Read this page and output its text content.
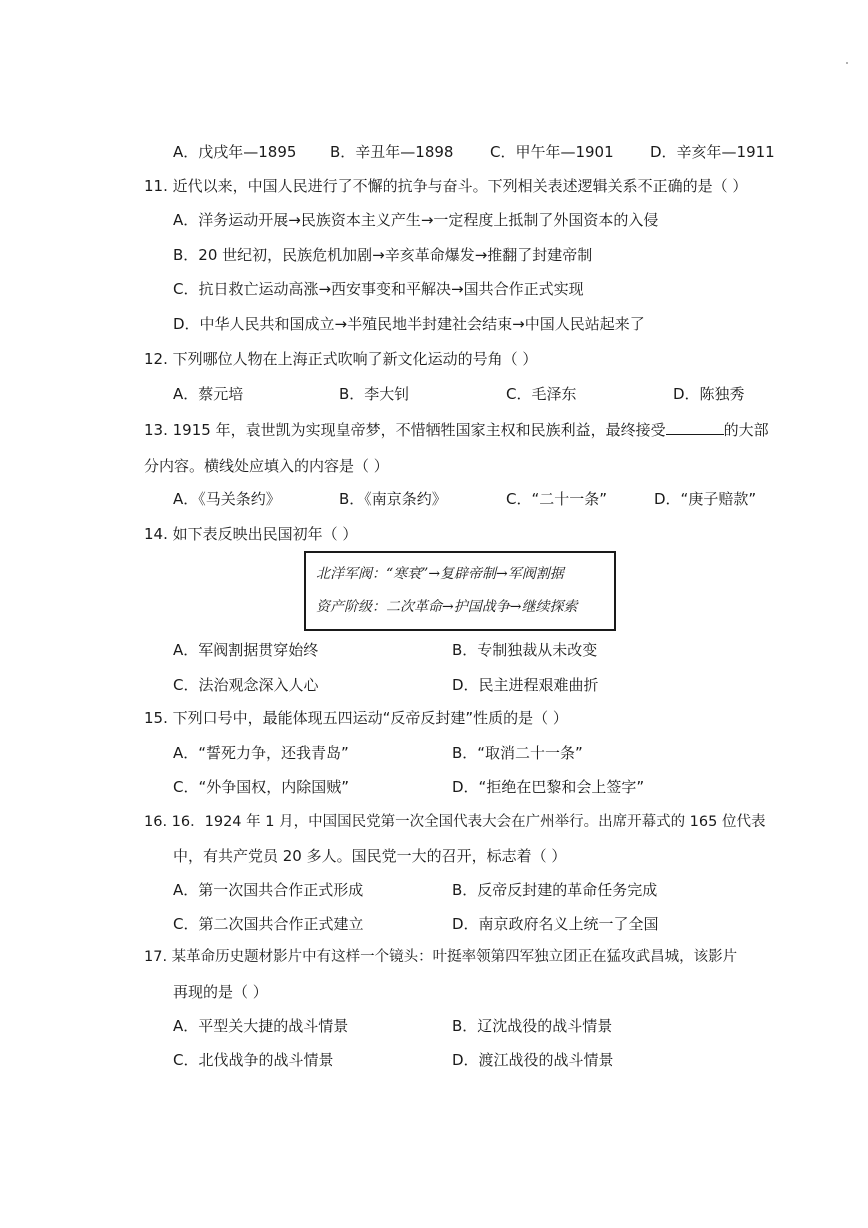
A．戊戌年—1895 B．辛丑年—1898 C．甲午年—1901 D．辛亥年—1911
11. 近代以来，中国人民进行了不懈的抗争与奋斗。下列相关表述逻辑关系不正确的是（ ）
A．洋务运动开展→民族资本主义产生→一定程度上抵制了外国资本的入侵
B．20 世纪初，民族危机加剧→辛亥革命爆发→推翻了封建帝制
C．抗日救亡运动高涨→西安事变和平解决→国共合作正式实现
D．中华人民共和国成立→半殖民地半封建社会结束→中国人民站起来了
12. 下列哪位人物在上海正式吹响了新文化运动的号角（ ）
A．蔡元培	B．李大钊	C．毛泽东	D．陈独秀
13. 1915 年，袁世凯为实现皇帝梦，不惜牺牲国家主权和民族利益，最终接受	的大部
分内容。横线处应填入的内容是（ ）
A．《马关条约》	B．《南京条约》	C．“二十一条”	D．“庚子赔款”
14. 如下表反映出民国初年（ ）
北洋军阀：“寒衰”→复辟帝制→军阀割据
资产阶级：二次革命→护国战争→继续探索
A．军阀割据贯穿始终	B．专制独裁从未改变
C．法治观念深入人心	D．民主进程艰难曲折
15. 下列口号中，最能体现五四运动“反帝反封建”性质的是（ ）
A．“誓死力争，还我青岛”	B．“取消二十一条”
C．“外争国权，内除国贼”	D．“拒绝在巴黎和会上签字”
16. 16．1924 年 1 月，中国国民党第一次全国代表大会在广州举行。出席开幕式的 165 位代表
中，有共产党员 20 多人。国民党一大的召开，标志着（ ）
A．第一次国共合作正式形成	B．反帝反封建的革命任务完成
C．第二次国共合作正式建立	D．南京政府名义上统一了全国
17. 某革命历史题材影片中有这样一个镜头：叶挺率领第四军独立团正在猛攻武昌城，该影片
再现的是（ ）
A．平型关大捷的战斗情景	B．辽沈战役的战斗情景
C．北伐战争的战斗情景	D．渡江战役的战斗情景
